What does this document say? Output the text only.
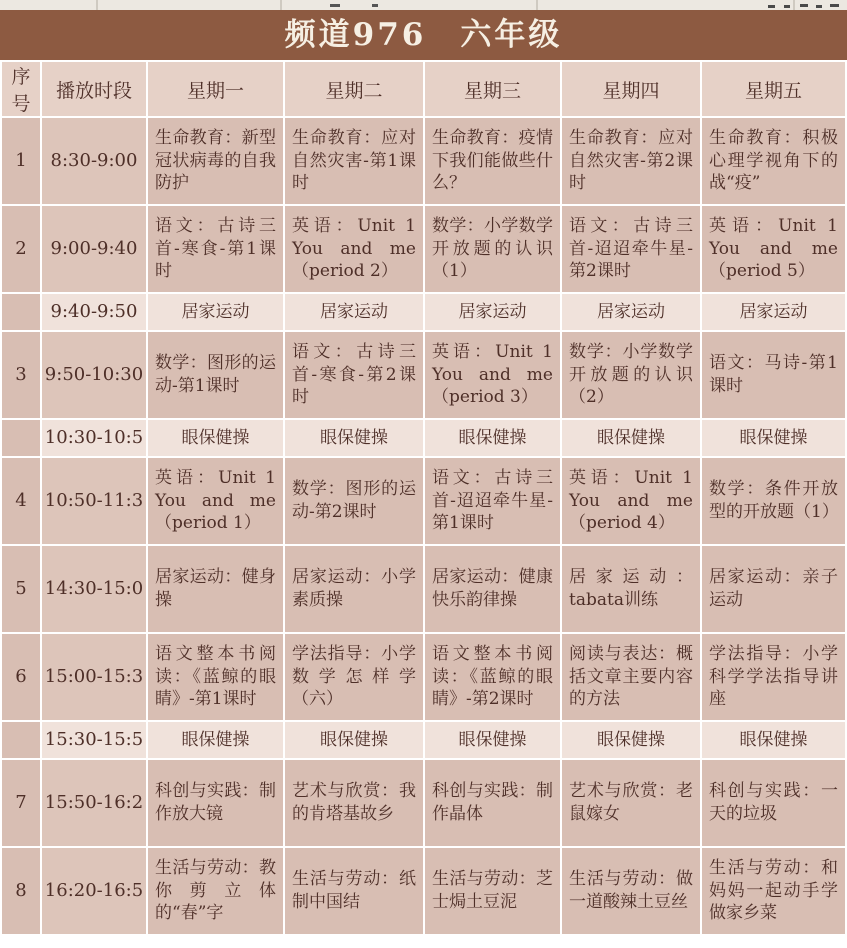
频道976　六年级
序号	播放时段	星期一	星期二	星期三	星期四	星期五
1	8:30-9:00	生命教育：新型冠状病毒的自我防护	生命教育：应对自然灾害-第1课时	生命教育：疫情下我们能做些什么？	生命教育：应对自然灾害-第2课时	生命教育：积极心理学视角下的战“疫”
2	9:00-9:40	语文：古诗三首-寒食-第1课时	英语：Unit 1 You and me （period 2）	数学：小学数学开放题的认识（1）	语文：古诗三首-迢迢牵牛星-第2课时	英语：Unit 1 You and me （period 5）
	9:40-9:50	居家运动	居家运动	居家运动	居家运动	居家运动
3	9:50-10:30	数学：图形的运动-第1课时	语文：古诗三首-寒食-第2课时	英语：Unit 1 You and me （period 3）	数学：小学数学开放题的认识（2）	语文：马诗-第1课时
	10:30-10:5	眼保健操	眼保健操	眼保健操	眼保健操	眼保健操
4	10:50-11:3	英语：Unit 1 You and me （period 1）	数学：图形的运动-第2课时	语文：古诗三首-迢迢牵牛星-第1课时	英语：Unit 1 You and me （period 4）	数学：条件开放型的开放题（1）
5	14:30-15:0	居家运动：健身操	居家运动：小学素质操	居家运动：健康快乐韵律操	居家运动：tabata训练	居家运动：亲子运动
6	15:00-15:3	语文整本书阅读：《蓝鲸的眼睛》-第1课时	学法指导：小学数学怎样学（六）	语文整本书阅读：《蓝鲸的眼睛》-第2课时	阅读与表达：概括文章主要内容的方法	学法指导：小学科学学法指导讲座
	15:30-15:5	眼保健操	眼保健操	眼保健操	眼保健操	眼保健操
7	15:50-16:2	科创与实践：制作放大镜	艺术与欣赏：我的肯塔基故乡	科创与实践：制作晶体	艺术与欣赏：老鼠嫁女	科创与实践：一天的垃圾
8	16:20-16:5	生活与劳动：教你剪立体的“春”字	生活与劳动：纸制中国结	生活与劳动：芝士焗土豆泥	生活与劳动：做一道酸辣土豆丝	生活与劳动：和妈妈一起动手学做家乡菜
